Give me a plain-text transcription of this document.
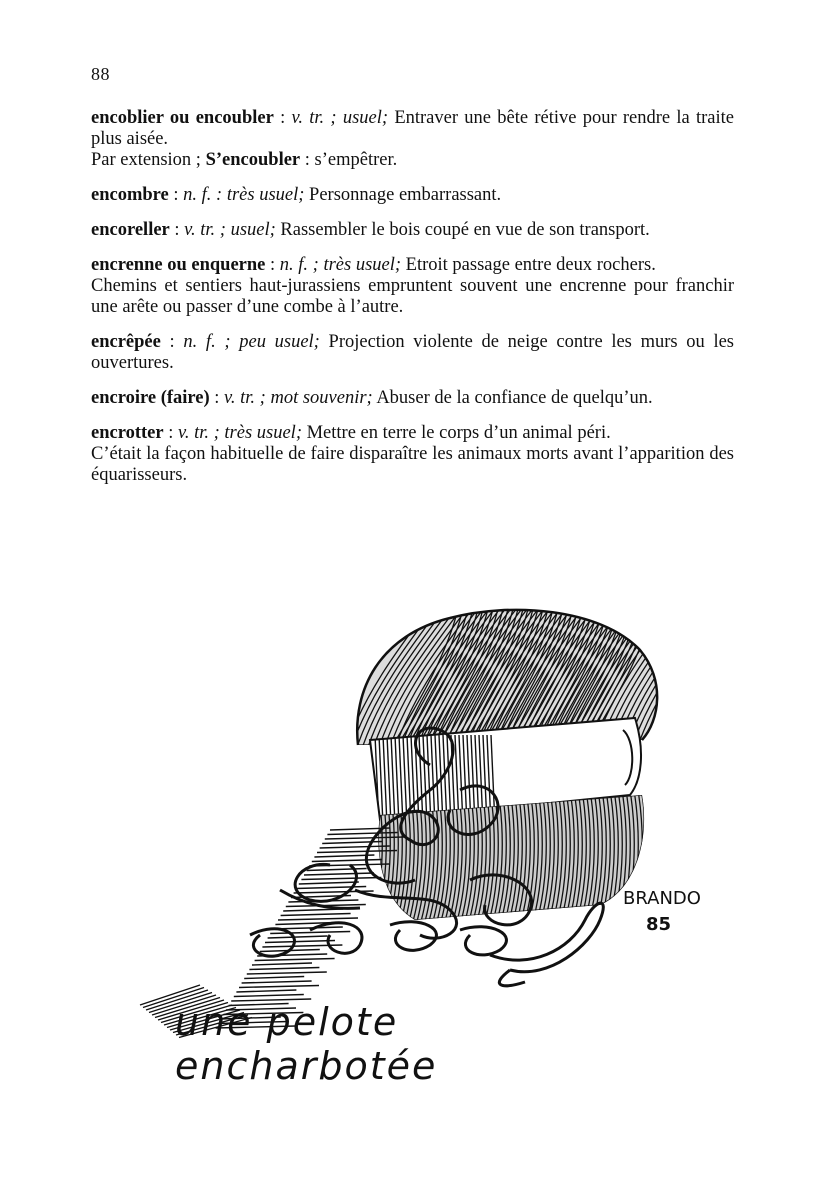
88

encoblier ou encoubler : v. tr. ; usuel; Entraver une bête rétive pour rendre la traite plus aisée.

Par extension ; S’encoubler : s’empêtrer.

encombre : n. f. : très usuel; Personnage embarrassant.

encoreller : v. tr. ; usuel; Rassembler le bois coupé en vue de son transport.

encrenne ou enquerne : n. f. ; très usuel; Etroit passage entre deux rochers.

Chemins et sentiers haut-jurassiens empruntent souvent une encrenne pour franchir une arête ou passer d’une combe à l’autre.

encrêpée : n. f. ; peu usuel; Projection violente de neige contre les murs ou les ouvertures.

encroire (faire) : v. tr. ; mot souvenir; Abuser de la confiance de quelqu’un.

encrotter : v. tr. ; très usuel; Mettre en terre le corps d’un animal péri.

C’était la façon habituelle de faire disparaître les animaux morts avant l’apparition des équarisseurs.

BRANDO
85
une pelote encharbotée
